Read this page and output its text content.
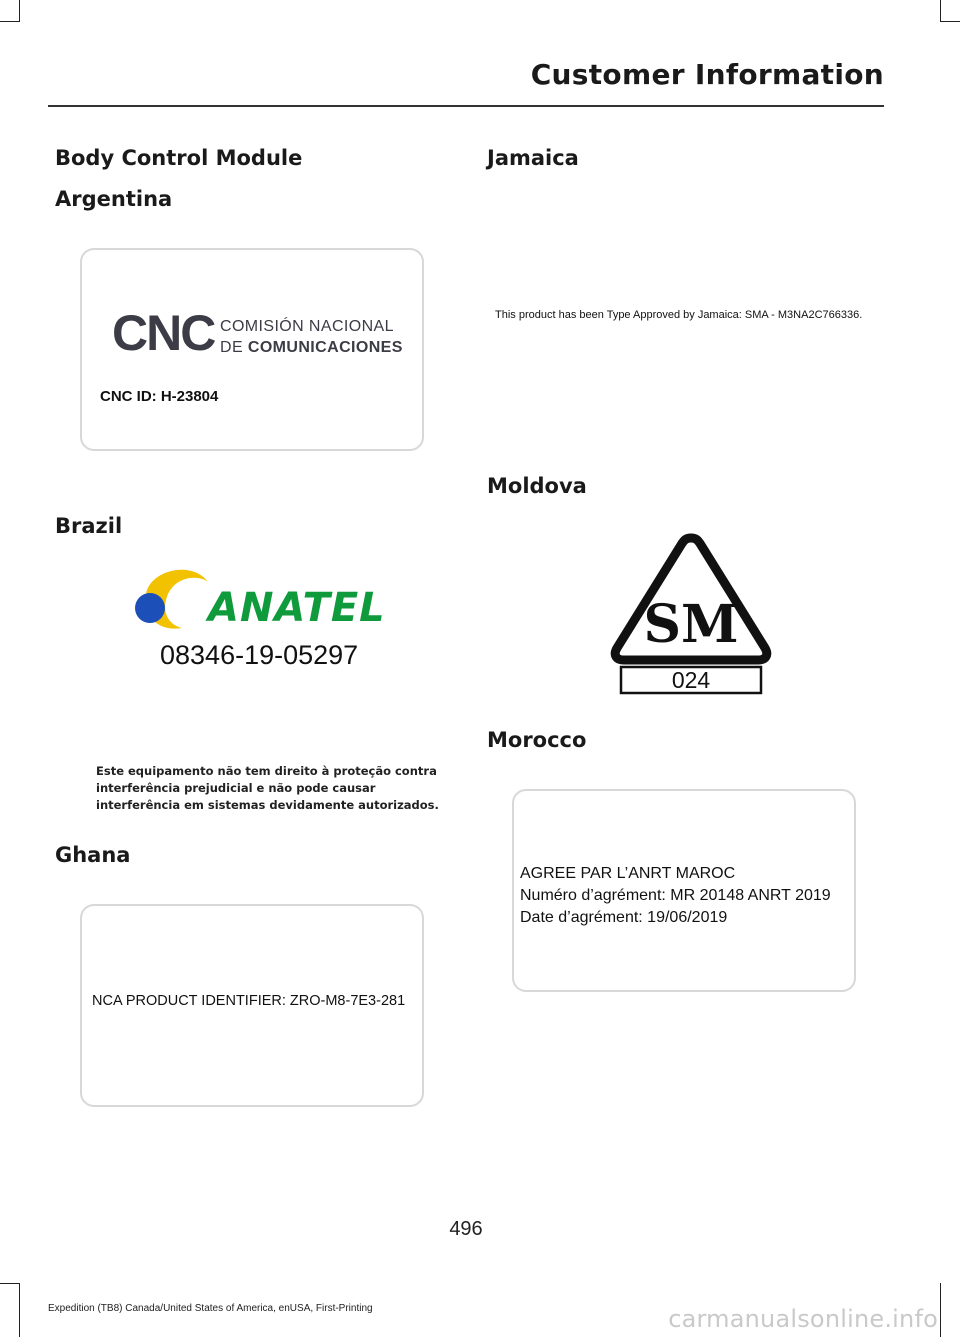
Customer Information
Body Control Module
Argentina
CNC COMISIÓN NACIONAL
DE COMUNICACIONES
CNC ID: H-23804
Brazil
ANATEL
08346-19-05297
Este equipamento não tem direito à proteção contra interferência prejudicial e não pode causar interferência em sistemas devidamente autorizados.
Ghana
NCA PRODUCT IDENTIFIER: ZRO-M8-7E3-281
Jamaica
This product has been Type Approved by Jamaica: SMA - M3NA2C766336.
Moldova
SM
024
Morocco
AGREE PAR L’ANRT MAROC
Numéro d’agrément: MR 20148 ANRT 2019
Date d’agrément: 19/06/2019
496
Expedition (TB8) Canada/United States of America, enUSA, First-Printing	carmanualsonline.info
